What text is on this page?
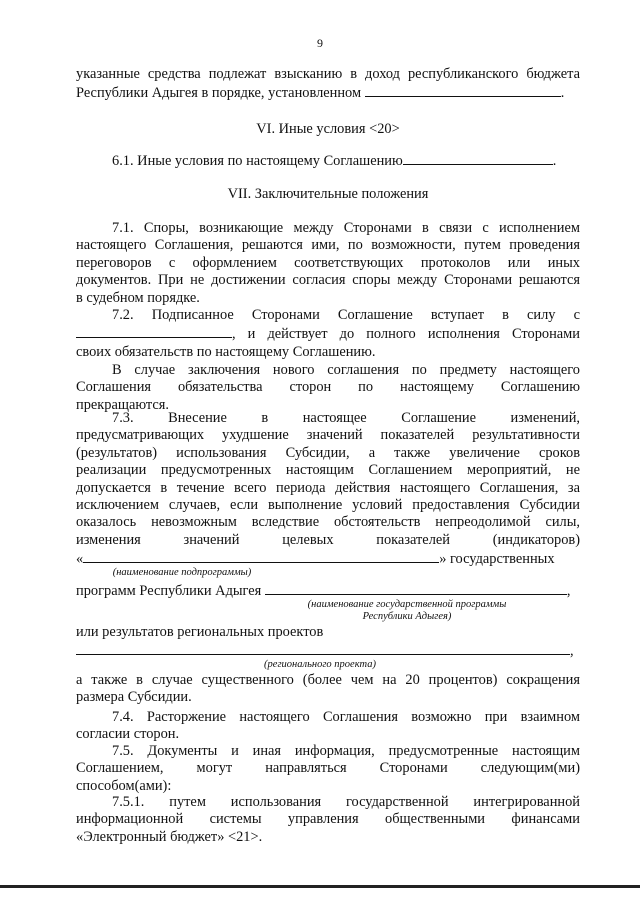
9
указанные средства подлежат взысканию в доход республиканского бюджета
Республики Адыгея в порядке, установленном	.
VI. Иные условия <20>
6.1. Иные условия по настоящему Соглашению	.
VII. Заключительные положения
7.1. Споры, возникающие между Сторонами в связи с исполнением
настоящего Соглашения, решаются ими, по возможности, путем проведения
переговоров с оформлением соответствующих протоколов или иных
документов. При не достижении согласия споры между Сторонами решаются
в судебном порядке.
7.2. Подписанное Сторонами Соглашение вступает в силу с
, и действует до полного исполнения Сторонами
своих обязательств по настоящему Соглашению.
В случае заключения нового соглашения по предмету настоящего
Соглашения обязательства сторон по настоящему Соглашению
прекращаются.
7.3. Внесение в настоящее Соглашение изменений,
предусматривающих ухудшение значений показателей результативности
(результатов) использования Субсидии, а также увеличение сроков
реализации предусмотренных настоящим Соглашением мероприятий, не
допускается в течение всего периода действия настоящего Соглашения, за
исключением случаев, если выполнение условий предоставления Субсидии
оказалось невозможным вследствие обстоятельств непреодолимой силы,
изменения значений целевых показателей (индикаторов)
«	» государственных
(наименование подпрограммы)
программ Республики Адыгея	,
(наименование государственной программы
Республики Адыгея)
или результатов региональных проектов
,
(регионального проекта)
а также в случае существенного (более чем на 20 процентов) сокращения
размера Субсидии.
7.4. Расторжение настоящего Соглашения возможно при взаимном
согласии сторон.
7.5. Документы и иная информация, предусмотренные настоящим
Соглашением, могут направляться Сторонами следующим(ми)
способом(ами):
7.5.1. путем использования государственной интегрированной
информационной системы управления общественными финансами
«Электронный бюджет» <21>.
